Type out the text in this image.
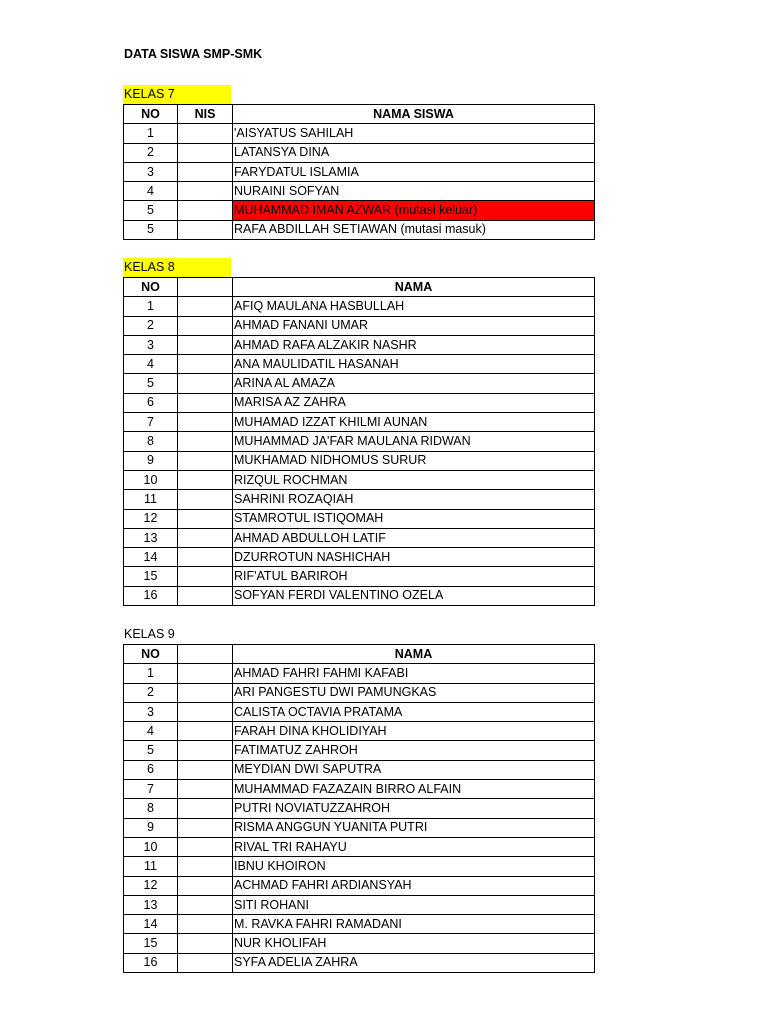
DATA SISWA SMP-SMK
KELAS 7
NO	NIS	NAMA SISWA
1		'AISYATUS SAHILAH
2		LATANSYA DINA
3		FARYDATUL ISLAMIA
4		NURAINI SOFYAN
5		MUHAMMAD IMAN AZWAR (mutasi keluar)
5		RAFA ABDILLAH SETIAWAN (mutasi masuk)
KELAS 8
NO		NAMA
1		AFIQ MAULANA HASBULLAH
2		AHMAD FANANI UMAR
3		AHMAD RAFA ALZAKIR NASHR
4		ANA MAULIDATIL HASANAH
5		ARINA AL AMAZA
6		MARISA AZ ZAHRA
7		MUHAMAD IZZAT KHILMI AUNAN
8		MUHAMMAD JA'FAR MAULANA RIDWAN
9		MUKHAMAD NIDHOMUS SURUR
10		RIZQUL ROCHMAN
11		SAHRINI ROZAQIAH
12		STAMROTUL ISTIQOMAH
13		AHMAD ABDULLOH LATIF
14		DZURROTUN NASHICHAH
15		RIF'ATUL BARIROH
16		SOFYAN FERDI VALENTINO OZELA
KELAS 9
NO		NAMA
1		AHMAD FAHRI FAHMI KAFABI
2		ARI PANGESTU DWI PAMUNGKAS
3		CALISTA OCTAVIA PRATAMA
4		FARAH DINA KHOLIDIYAH
5		FATIMATUZ ZAHROH
6		MEYDIAN DWI SAPUTRA
7		MUHAMMAD FAZAZAIN BIRRO ALFAIN
8		PUTRI NOVIATUZZAHROH
9		RISMA ANGGUN YUANITA PUTRI
10		RIVAL TRI RAHAYU
11		IBNU KHOIRON
12		ACHMAD FAHRI ARDIANSYAH
13		SITI ROHANI
14		M. RAVKA FAHRI RAMADANI
15		NUR KHOLIFAH
16		SYFA ADELIA ZAHRA
